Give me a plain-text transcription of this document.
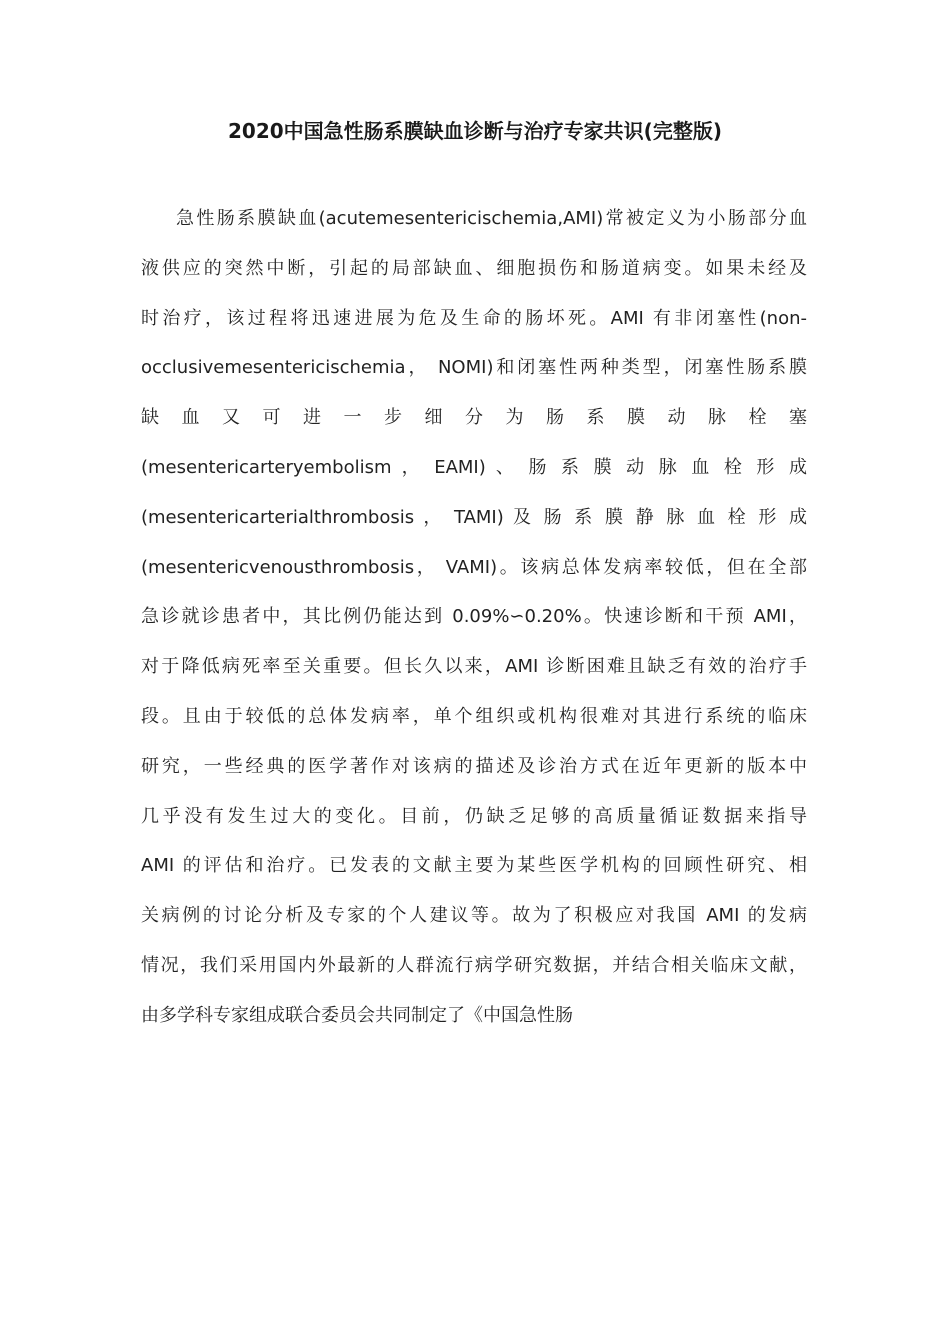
2020中国急性肠系膜缺血诊断与治疗专家共识(完整版)
急性肠系膜缺血(acutemesentericischemia,AMI)常被定义为小肠部分血
液供应的突然中断，引起的局部缺血、细胞损伤和肠道病变。如果未经及
时治疗，该过程将迅速进展为危及生命的肠坏死。AMI 有非闭塞性(non-
occlusivemesentericischemia， NOMI)和闭塞性两种类型，闭塞性肠系膜
缺 血 又 可 进 一 步 细 分 为 肠 系 膜 动 脉 栓 塞
(mesentericarteryembolism ， EAMI) 、 肠 系 膜 动 脉 血 栓 形 成
(mesentericarterialthrombosis ， TAMI) 及 肠 系 膜 静 脉 血 栓 形 成
(mesentericvenousthrombosis， VAMI)。该病总体发病率较低，但在全部
急诊就诊患者中，其比例仍能达到 0.09%∽0.20%。快速诊断和干预 AMI，
对于降低病死率至关重要。但长久以来，AMI 诊断困难且缺乏有效的治疗手
段。且由于较低的总体发病率，单个组织或机构很难对其进行系统的临床
研究，一些经典的医学著作对该病的描述及诊治方式在近年更新的版本中
几乎没有发生过大的变化。目前，仍缺乏足够的高质量循证数据来指导
AMI 的评估和治疗。已发表的文献主要为某些医学机构的回顾性研究、相
关病例的讨论分析及专家的个人建议等。故为了积极应对我国 AMI 的发病
情况，我们采用国内外最新的人群流行病学研究数据，并结合相关临床文献，
由多学科专家组成联合委员会共同制定了《中国急性肠
